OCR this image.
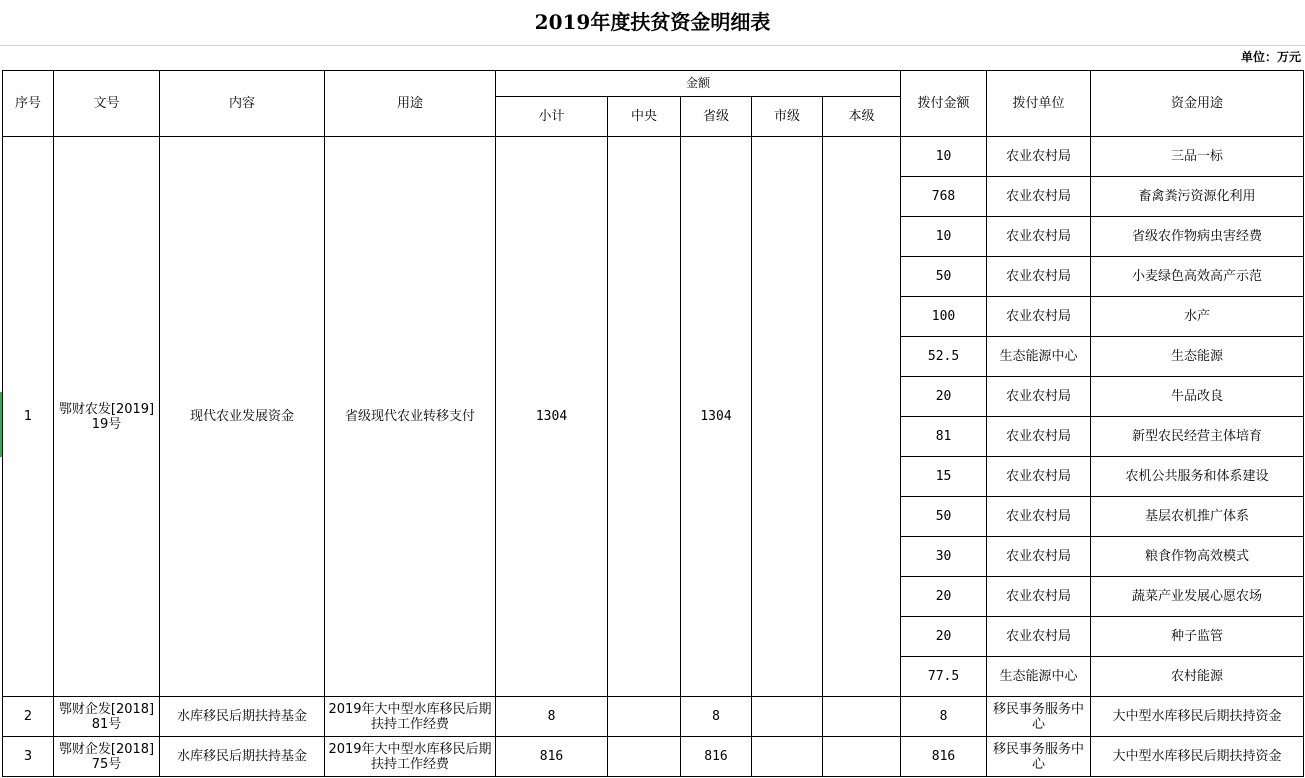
2019年度扶贫资金明细表
单位：万元
序号	文号	内容	用途	金额					拨付金额	拨付单位	资金用途
				小计	中央	省级	市级	本级			
1	鄂财农发[2019]19号	现代农业发展资金	省级现代农业转移支付	1304		1304			10	农业农村局	三品一标
									768	农业农村局	畜禽粪污资源化利用
									10	农业农村局	省级农作物病虫害经费
									50	农业农村局	小麦绿色高效高产示范
									100	农业农村局	水产
									52.5	生态能源中心	生态能源
									20	农业农村局	牛品改良
									81	农业农村局	新型农民经营主体培育
									15	农业农村局	农机公共服务和体系建设
									50	农业农村局	基层农机推广体系
									30	农业农村局	粮食作物高效模式
									20	农业农村局	蔬菜产业发展心愿农场
									20	农业农村局	种子监管
									77.5	生态能源中心	农村能源
2	鄂财企发[2018]81号	水库移民后期扶持基金	2019年大中型水库移民后期扶持工作经费	8		8			8	移民事务服务中心	大中型水库移民后期扶持资金
3	鄂财企发[2018]75号	水库移民后期扶持基金	2019年大中型水库移民后期扶持工作经费	816		816			816	移民事务服务中心	大中型水库移民后期扶持资金
